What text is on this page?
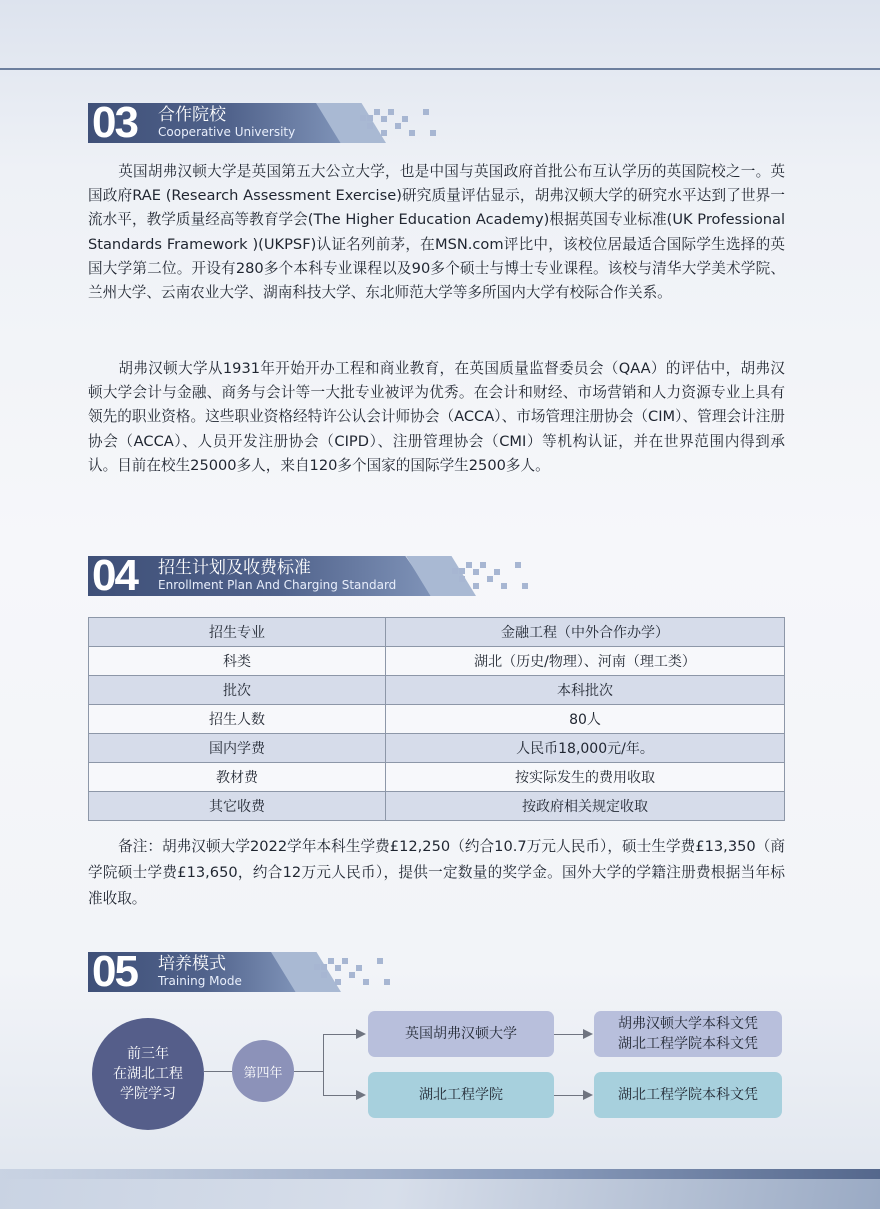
03 合作院校
Cooperative University

英国胡弗汉顿大学是英国第五大公立大学，也是中国与英国政府首批公布互认学历的英国院校之一。英国政府RAE (Research Assessment Exercise)研究质量评估显示，胡弗汉顿大学的研究水平达到了世界一流水平，教学质量经高等教育学会(The Higher Education Academy)根据英国专业标准(UK Professional Standards Framework )(UKPSF)认证名列前茅，在MSN.com评比中，该校位居最适合国际学生选择的英国大学第二位。开设有280多个本科专业课程以及90多个硕士与博士专业课程。该校与清华大学美术学院、兰州大学、云南农业大学、湖南科技大学、东北师范大学等多所国内大学有校际合作关系。

胡弗汉顿大学从1931年开始开办工程和商业教育，在英国质量监督委员会（QAA）的评估中，胡弗汉顿大学会计与金融、商务与会计等一大批专业被评为优秀。在会计和财经、市场营销和人力资源专业上具有领先的职业资格。这些职业资格经特许公认会计师协会（ACCA）、市场管理注册协会（CIM）、管理会计注册协会（ACCA）、人员开发注册协会（CIPD）、注册管理协会（CMI）等机构认证，并在世界范围内得到承认。目前在校生25000多人，来自120多个国家的国际学生2500多人。

04 招生计划及收费标准
Enrollment Plan And Charging Standard
招生专业	金融工程（中外合作办学）
科类	湖北（历史/物理）、河南（理工类）
批次	本科批次
招生人数	80人
国内学费	人民币18,000元/年。
教材费	按实际发生的费用收取
其它收费	按政府相关规定收取

备注：胡弗汉顿大学2022学年本科生学费£12,250（约合10.7万元人民币），硕士生学费£13,350（商学院硕士学费£13,650，约合12万元人民币），提供一定数量的奖学金。国外大学的学籍注册费根据当年标准收取。

05 培养模式
Training Mode
前三年
在湖北工程
学院学习
第四年
英国胡弗汉顿大学
湖北工程学院
胡弗汉顿大学本科文凭
湖北工程学院本科文凭
湖北工程学院本科文凭
